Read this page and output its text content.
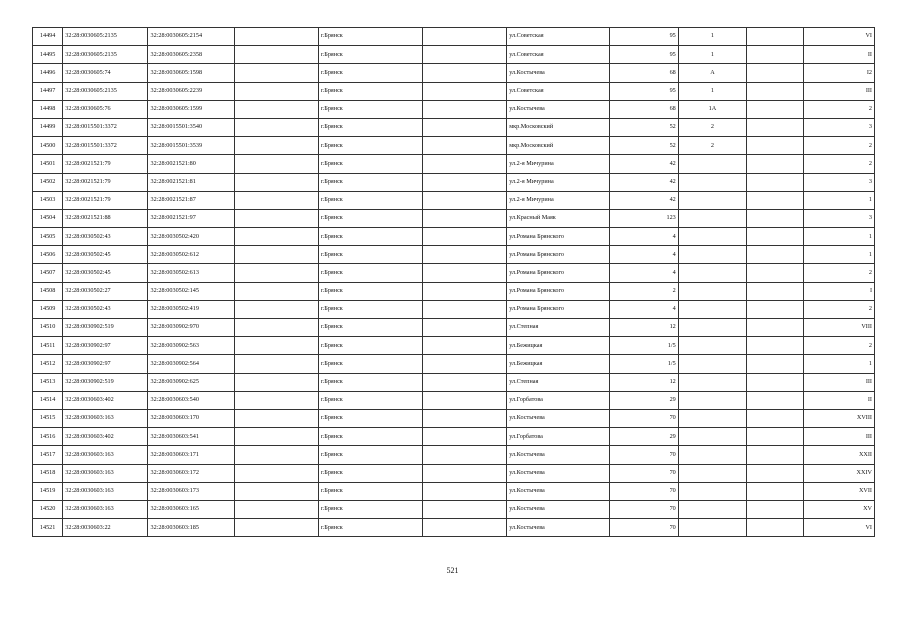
14494	32:28:0030605:2135	32:28:0030605:2154		г.Брянск		ул.Советская	95	1		VI
14495	32:28:0030605:2135	32:28:0030605:2358		г.Брянск		ул.Советская	95	1		II
14496	32:28:0030605:74	32:28:0030605:1598		г.Брянск		ул.Костычева	68	А		I2
14497	32:28:0030605:2135	32:28:0030605:2239		г.Брянск		ул.Советская	95	1		III
14498	32:28:0030605:76	32:28:0030605:1599		г.Брянск		ул.Костычева	68	1А		2
14499	32:28:0015501:3372	32:28:0015501:3540		г.Брянск		мкр.Московский	52	2		3
14500	32:28:0015501:3372	32:28:0015501:3539		г.Брянск		мкр.Московский	52	2		2
14501	32:28:0021521:79	32:28:0021521:80		г.Брянск		ул.2-я Мичурина	42			2
14502	32:28:0021521:79	32:28:0021521:81		г.Брянск		ул.2-я Мичурина	42			3
14503	32:28:0021521:79	32:28:0021521:87		г.Брянск		ул.2-я Мичурина	42			1
14504	32:28:0021521:88	32:28:0021521:97		г.Брянск		ул.Красный Маяк	123			3
14505	32:28:0030502:43	32:28:0030502:420		г.Брянск		ул.Романа Брянского	4			1
14506	32:28:0030502:45	32:28:0030502:612		г.Брянск		ул.Романа Брянского	4			1
14507	32:28:0030502:45	32:28:0030502:613		г.Брянск		ул.Романа Брянского	4			2
14508	32:28:0030502:27	32:28:0030502:145		г.Брянск		ул.Романа Брянского	2			I
14509	32:28:0030502:43	32:28:0030502:419		г.Брянск		ул.Романа Брянского	4			2
14510	32:28:0030902:519	32:28:0030902:970		г.Брянск		ул.Степная	12			VIII
14511	32:28:0030902:97	32:28:0030902:563		г.Брянск		ул.Бежицкая	1/5			2
14512	32:28:0030902:97	32:28:0030902:564		г.Брянск		ул.Бежицкая	1/5			1
14513	32:28:0030902:519	32:28:0030902:625		г.Брянск		ул.Степная	12			III
14514	32:28:0030603:402	32:28:0030603:540		г.Брянск		ул.Горбатова	29			II
14515	32:28:0030603:163	32:28:0030603:170		г.Брянск		ул.Костычева	70			XVIII
14516	32:28:0030603:402	32:28:0030603:541		г.Брянск		ул.Горбатова	29			III
14517	32:28:0030603:163	32:28:0030603:171		г.Брянск		ул.Костычева	70			XXII
14518	32:28:0030603:163	32:28:0030603:172		г.Брянск		ул.Костычева	70			XXIV
14519	32:28:0030603:163	32:28:0030603:173		г.Брянск		ул.Костычева	70			XVII
14520	32:28:0030603:163	32:28:0030603:165		г.Брянск		ул.Костычева	70			XV
14521	32:28:0030603:22	32:28:0030603:185		г.Брянск		ул.Костычева	70			VI
521
